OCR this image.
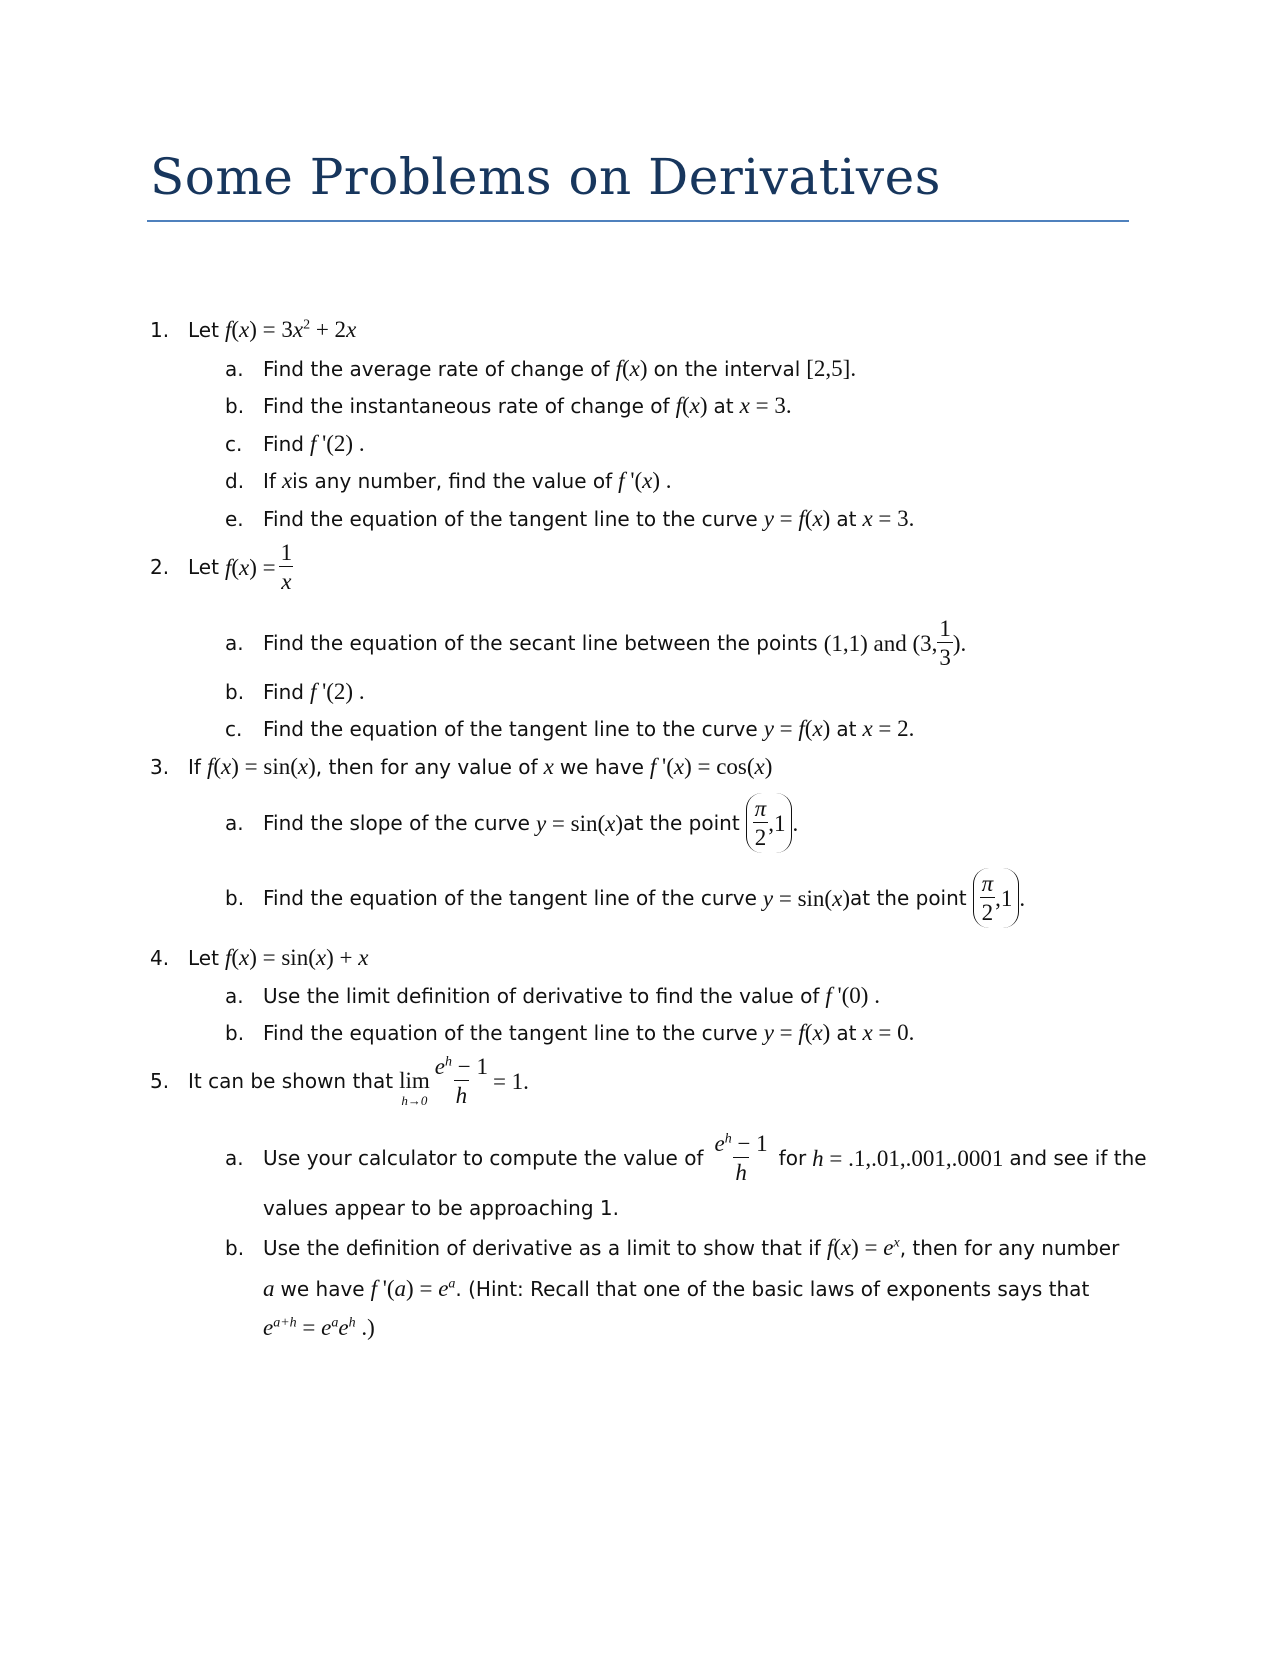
Some Problems on Derivatives
1. Let $f(x) = 3x^2 + 2x$
a. Find the average rate of change of f(x) on the interval [2,5].
b. Find the instantaneous rate of change of f(x) at x = 3.
c.	Find f '(2) .
d. If x is any number, find the value of f '(x) .
e. Find the equation of the tangent line to the curve y = f(x) at x = 3.
2. Let $f(x) = \frac{1}{x}$
a. Find the equation of the secant line between the points (1,1) and (3, $\frac{1}{3}$ ).
b. Find f '(2) .
c.	Find the equation of the tangent line to the curve y = f(x) at x = 2.
3. If f(x) = sin(x) , then for any value of x we have f '(x) = cos(x)
a. Find the slope of the curve y = sin(x) at the point $\frac{\pi}{2} ,1$ .
b. Find the equation of the tangent line of the curve y = sin(x) at the point $\frac{\pi}{2} ,1$ .
4. Let f(x) = sin(x) + x
a. Use the limit definition of derivative to find the value of f '(0) .
b. Find the equation of the tangent line to the curve y = f(x) at x = 0.
5. It can be shown that lim
$h\to 0 \frac{e^h - 1}{h} = 1$.
a. Use your calculator to compute the value of $\frac{e^h - 1}{h}$ for h = .1,.01,.001,.0001 and see if the
values appear to be approaching 1.
b. Use the definition of derivative as a limit to show that if $f(x) = e^x$ , then for any number
a we have f '$(a) = e^a$ . (Hint: Recall that one of the basic laws of exponents says that
$e^{a+h} = e^ae^h$ .)
